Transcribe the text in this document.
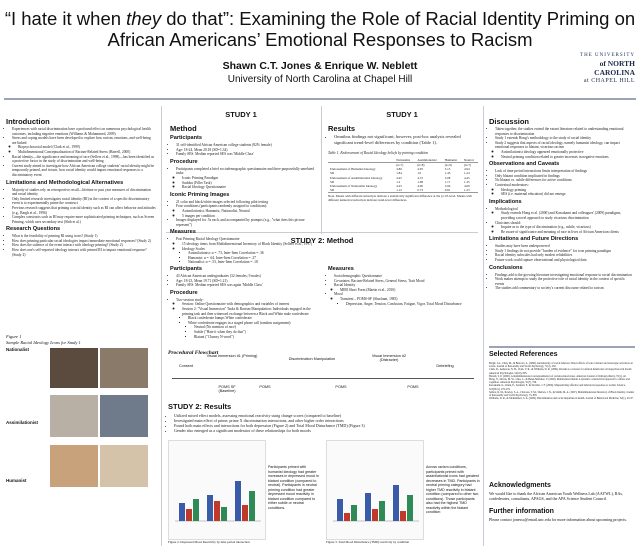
“I hate it when they do that”: Examining the Role of Racial Identity Priming on
African Americans’ Emotional Responses to Racism
Shawn C.T. Jones & Enrique W. Neblett
University of North Carolina at Chapel Hill
THE UNIVERSITY
of NORTH CAROLINA
at CHAPEL HILL
Introduction
• Experiences with racial discrimination have a profound effect on numerous psychological health outcomes, including negative emotions (Williams & Mohammed, 2009)
• Stress and coping models have been developed to explore how racism, emotions, and well-being are linked:
◦ Biopsychosocial model (Clark et al., 1999)
◦ Multidimensional Conceptualization of Racism-Related Stress (Harrell, 2000)
• Racial identity—the significance and meaning of race (Sellers et al., 1998)—has been identified as a protective factor in the study of discrimination and well-being
• Current study aimed to investigate how African American college students' racial identity might be temporarily primed, and in turn, how racial identity would impact emotional responses to a discriminatory event
Limitations and Methodological Alternatives
• Majority of studies rely on retrospective recall—lifetime or past year measures of discrimination and racial identity
• Only limited research investigates racial identity (RI) in the context of a specific discriminatory event is to experimentally prime the construct
• Previous research suggests that priming a racial identity such as RI can affect behavior and attitudes (e.g., Bargh et al., 1996)
• Complex constructs such as RI may require more sophisticated priming techniques, such as Screen Priming, which uses secondary text (Shih et al.)
Research Questions
• What is the feasibility of priming RI using icons? (Study 1)
• How does priming particular racial ideologies impact immediate emotional responses? (Study 2)
• How does the salience of the event interact with ideology priming? (Study 2)
• How does one's self-reported ideology interact with primed RI to impact emotional response? (Study 2)
Figure 1
Sample Racial Ideology Icons for Study 1
Nationalist
Assimilationist
Humanist
STUDY 1
Method
Participants
• 31 self-identified African American college students (82% female)
• Age: 18-24, Mean 20.18 (SD=1.34)
• Family SES: Median reported SES was 'Middle Class'
Procedure
• Participants completed a brief sociodemographic questionnaire and three purposefully unrelated tasks:
◦ Iconic Priming Paradigm
◦ Sudoku (Filler Task)
◦ Racial Ideology Questionnaire
Iconic Priming Images
• 21 color and black/white images selected following pilot testing
• Four conditions (participants randomly assigned to conditions):
◦ Assimilationist, Humanist, Nationalist, Neutral
◦ 5 images per condition
• Images displayed for .5s each, and accompanied by prompts (e.g., "what does this picture represent")
Measures
• Post Priming Racial Ideology Questionnaire
◦ 15 ideology items from Multidimensional Inventory of Black Identity (Sellers et al., 1997)
◦ Ideology Scales
▪ Assimilationist: α = .73, Inter-Item Correlation = .36
▪ Humanist: α = .64, Inter-Item Correlation = .27
▪ Nationalist: α = .53, Inter-Item Correlation = .18
STUDY 1
Results
• Omnibus findings not significant; however, post-hoc analysis revealed significant trend-level differences by condition (Table 1).
Table 1. Endorsement of Racial Ideology beliefs by priming condition
	Nationalist	Assimilationist	Humanist	Neutral
	(n=7)	(n=8)	(n=9)	(n=7)
Endorsement of Humanist Ideology	4.86	4.95	5.15	4.94
SD	1.84	.61	1.43	1.24
Endorsement of Assimilationist Ideology	4.45	4.72	5.08	4.45
SD	1.2	1.68	1.17	1.35
Endorsement of Nationalist Ideology	4.45	4.00	3.90	4.09
SD	1.12	0.73	0.81	1.23
Note. Means with different subscripts indicate a statistically significant difference at the p<.05 level. Means with different numerical subscripts indicate trend-level differences.
STUDY 2: Method
Participants
• 43 African American undergraduates (32 females; 9 males)
• Age: 18-23, Mean 19.71 (SD=1.21)
• Family SES: Median reported SES was again 'Middle Class'
Procedure
• Two-session study:
◦ Session: Online Questionnaire with demographics and variables of interest
◦ Session 2: "Visual Immersion" Tasks & Racism Manipulation: Individuals engaged in the priming task and then witnessed exchange between a Black and White male confederate
▪ Black confederate bumps White confederate
▪ White confederate engages in a staged phone call (random assignment):
▪ Neutral (No mention of race)
▪ Subtle ("Hate it when they do that")
▪ Blatant ("Clumsy N-word")
Measures
• Sociodemographic Questionnaire
• Covariates: Racism-Related Stress, General Stress, Trait Mood
• Racial Identity
◦ MIBI Short Form (Martin et al., 2010)
• Mood
◦ Transient – POMS-SF (Shacham, 1983)
▪ Depression, Anger, Tension, Confusion, Fatigue, Vigor, Total Mood Disturbance
Procedural Flowchart
Consent
Visual Immersion #1 (Priming)
Discrimination Manipulation
Visual Immersion #2 (Distracter)
Debriefing
POMS SF (Baseline)
POMS	POMS	POMS
STUDY 2: Results
• Utilized mixed effect models, assessing emotional reactivity using change scores (compared to baseline)
• Investigated main effect of prime; prime X discrimination interactions, and other higher order interactions
• Found both main effects and interactions for both depression (Figure 2) and Total Mood Disturbance (TMD) (Figure 3)
• Gender also emerged as a significant moderator of these relationships for both moods
Participants primed with humanist ideology had greater increases in depressed mood in blatant condition (compared to neutral). Participants in neutral priming condition had greater depressed mood reactivity in blatant condition compared to either subtle or neutral conditions.
Figure 2. Depressed Mood Reactivity by time period interaction
Across racism conditions, participants primed with assimilationist icons had greatest decreases in TMD. Participants in neutral priming category had higher TMD reactivity in blatant condition (compared to other two conditions). Those participants also had the highest TMD reactivity within the blatant condition
Figure 3. Total Mood Disturbance (TMD) reactivity by condition
Discussion
• Taken together, the studies extend the extant literature related to understanding emotional responses to discrimination
• Study 1 extends Hong's methodology to the study of racial identity
• Study 2 suggests that aspects of racial ideology, namely humanist ideology, can impact emotional responses to blatant, vicarious racism
◦ Assimilationist ideology appeared emotionally protective
◦ Neutral priming condition related to greater increases in negative emotions
Observations and Caveats
• Lack of time period interactions limits interpretation of findings
• Only blatant condition implicated in findings
• No blatant vs. subtle differences for active conditions
• Contextual moderators:
◦ Ideology priming
◦ SES (i.e. maternal education) did not emerge
Implications
• Methodological
◦ Study extends Hong et al. (2000) and Kawakami and colleagues' (2009) paradigms, providing a novel approach to study vicarious discrimination
• Clinicians should:
◦ Inquire as to the type of discrimination (e.g., subtle, vicarious)
◦ Be aware of significance and meaning of race in lives of African American clients
Limitations and Future Directions
• Studies may have been underpowered
• Study 1 findings do not provide "burden of evidence" for icon priming paradigm
• Racial identity subscales had only modest reliabilities
• Future work could capture observational and physiological data
Conclusions
• Findings add to the growing literature investigating emotional response to racial discrimination
• Work makes attempt to study the protective role of racial identity in the context of specific events
• The studies add commentary to society's current discourse related to racism
Selected References
Bargh, J.A., Chen, M., & Burrows, L. (1996). Automaticity of social behavior: Direct effects of trait construct and stereotype activation on action. Journal of Personality and Social Psychology, 71(2), 230.
Clark, R., Anderson, N. B., Clark, V. R., & Williams, D. R. (1999). Racism as a stressor for African Americans: A biopsychosocial model. American Psychologist, 54(10), 805.
Harrell, S. P. (2000). A multidimensional conceptualization of racism-related stress. American Journal of Orthopsychiatry, 70(1), 42.
Hong, Y., Morris, M. W., Chiu, C., & Benet-Martinez, V. (2000). Multicultural minds: A dynamic constructivist approach to culture and cognition. American Psychologist, 55(7), 709.
Kawakami, K., Dunn, E., Karmali, F., & Dovidio, J. F. (2009). Mispredicting affective and behavioral responses to racism. Science, 323(5911), 276-278.
Sellers, R. M., Rowley, S. A., Chavous, T. M., Shelton, J. N., & Smith, M. A. (1997). Multidimensional Inventory of Black Identity. Journal of Personality and Social Psychology, 73, 805.
Williams, D. R., & Mohammed, S. A. (2009). Discrimination and racial disparities in health. Journal of Behavioral Medicine, 32(1), 20-47.
Acknowledgments
We would like to thank the African American Youth Wellness Lab (AAYWL), RAs, confederates, consultants, APAGS, and the APA Science Student Council.
Further information
Please contact jonessc@email.unc.edu for more information about upcoming projects.
